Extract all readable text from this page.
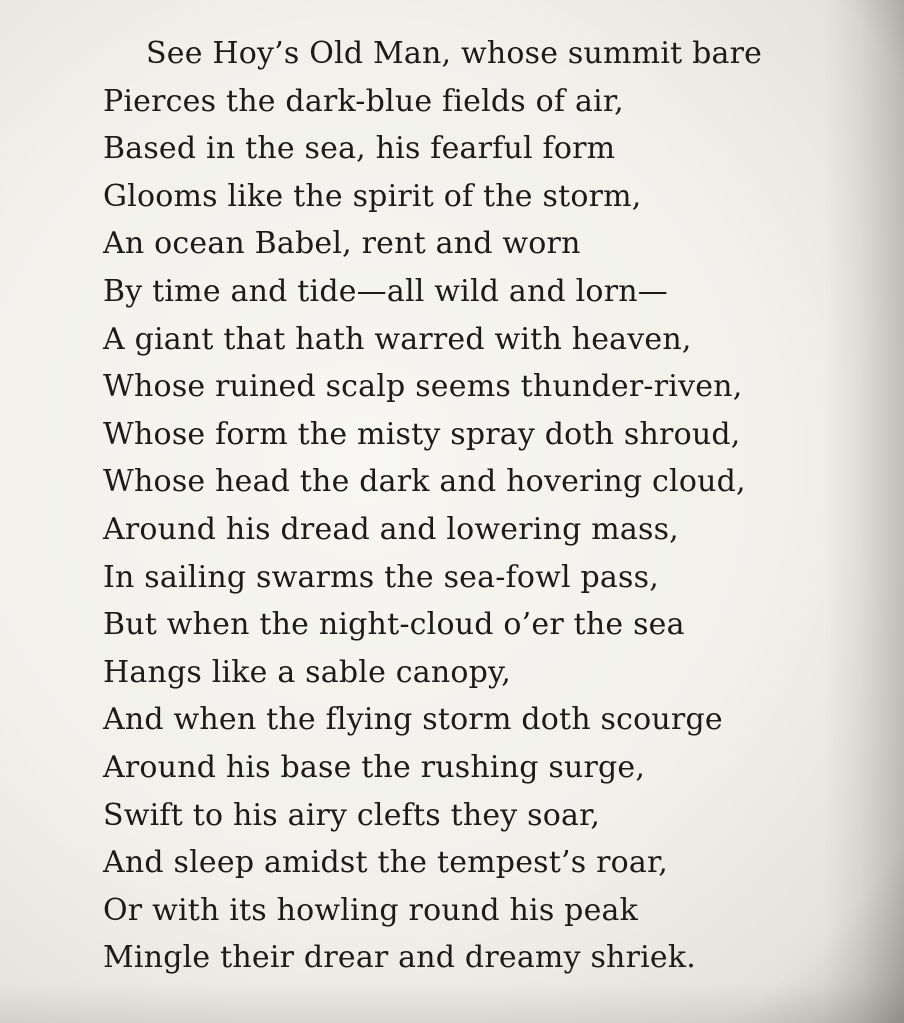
See Hoy’s Old Man, whose summit bare
Pierces the dark-blue fields of air,
Based in the sea, his fearful form
Glooms like the spirit of the storm,
An ocean Babel, rent and worn
By time and tide—all wild and lorn—
A giant that hath warred with heaven,
Whose ruined scalp seems thunder-riven,
Whose form the misty spray doth shroud,
Whose head the dark and hovering cloud,
Around his dread and lowering mass,
In sailing swarms the sea-fowl pass,
But when the night-cloud o’er the sea
Hangs like a sable canopy,
And when the flying storm doth scourge
Around his base the rushing surge,
Swift to his airy clefts they soar,
And sleep amidst the tempest’s roar,
Or with its howling round his peak
Mingle their drear and dreamy shriek.
